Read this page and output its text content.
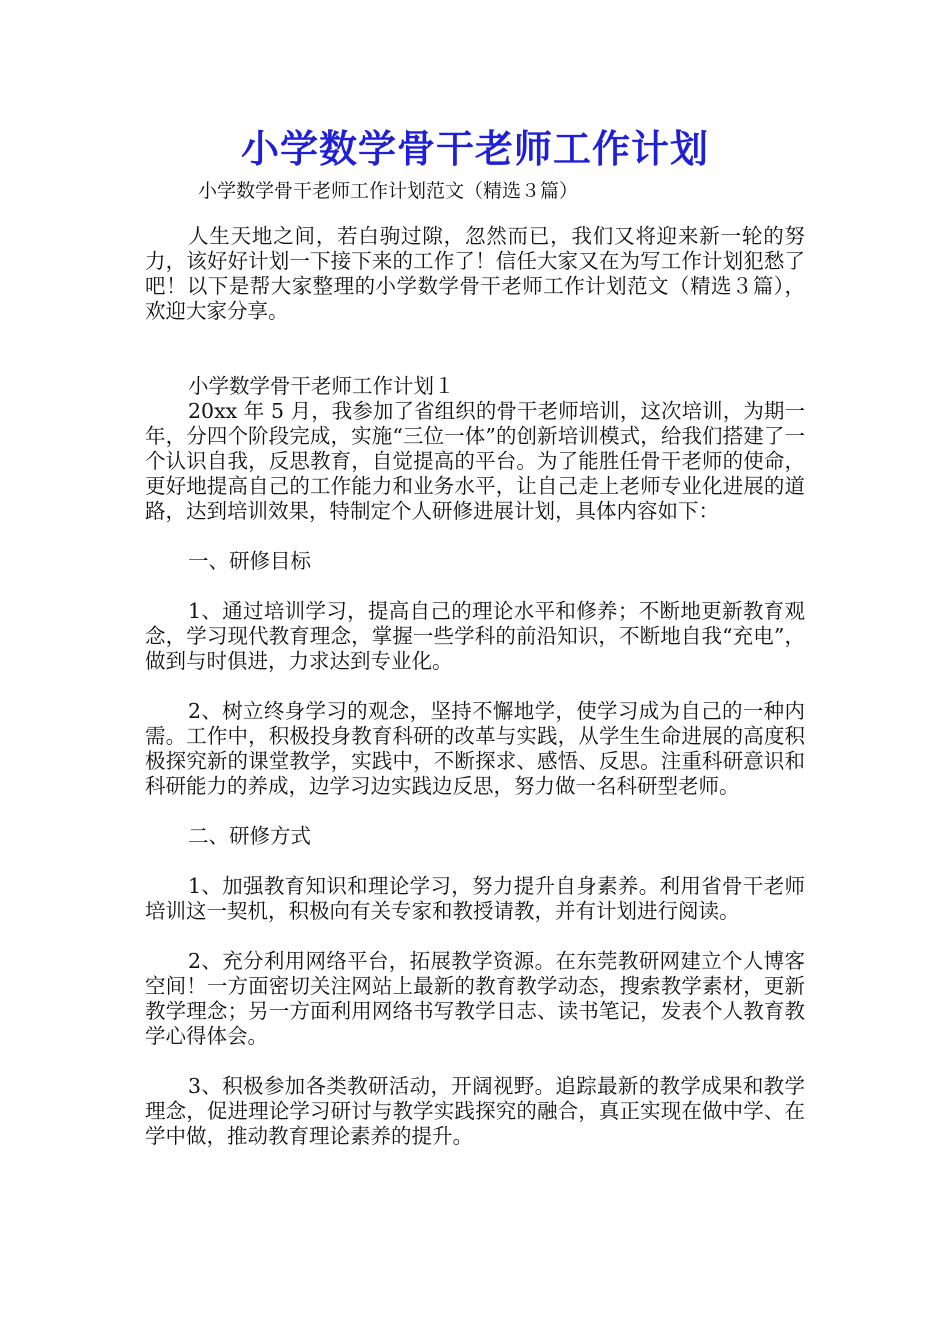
小学数学骨干老师工作计划

小学数学骨干老师工作计划范文（精选３篇）

人生天地之间，若白驹过隙，忽然而已，我们又将迎来新一轮的努力，该好好计划一下接下来的工作了！信任大家又在为写工作计划犯愁了吧！以下是帮大家整理的小学数学骨干老师工作计划范文（精选３篇），欢迎大家分享。

小学数学骨干老师工作计划１

20xx 年 5 月，我参加了省组织的骨干老师培训，这次培训，为期一年，分四个阶段完成，实施“三位一体”的创新培训模式，给我们搭建了一个认识自我，反思教育，自觉提高的平台。为了能胜任骨干老师的使命，更好地提高自己的工作能力和业务水平，让自己走上老师专业化进展的道路，达到培训效果，特制定个人研修进展计划，具体内容如下：

一、研修目标

1、通过培训学习，提高自己的理论水平和修养；不断地更新教育观念，学习现代教育理念，掌握一些学科的前沿知识，不断地自我“充电”，做到与时俱进，力求达到专业化。

2、树立终身学习的观念，坚持不懈地学，使学习成为自己的一种内需。工作中，积极投身教育科研的改革与实践，从学生生命进展的高度积极探究新的课堂教学，实践中，不断探求、感悟、反思。注重科研意识和科研能力的养成，边学习边实践边反思，努力做一名科研型老师。

二、研修方式

1、加强教育知识和理论学习，努力提升自身素养。利用省骨干老师培训这一契机，积极向有关专家和教授请教，并有计划进行阅读。

2、充分利用网络平台，拓展教学资源。在东莞教研网建立个人博客空间！一方面密切关注网站上最新的教育教学动态，搜索教学素材，更新教学理念；另一方面利用网络书写教学日志、读书笔记，发表个人教育教学心得体会。

3、积极参加各类教研活动，开阔视野。追踪最新的教学成果和教学理念，促进理论学习研讨与教学实践探究的融合，真正实现在做中学、在学中做，推动教育理论素养的提升。
